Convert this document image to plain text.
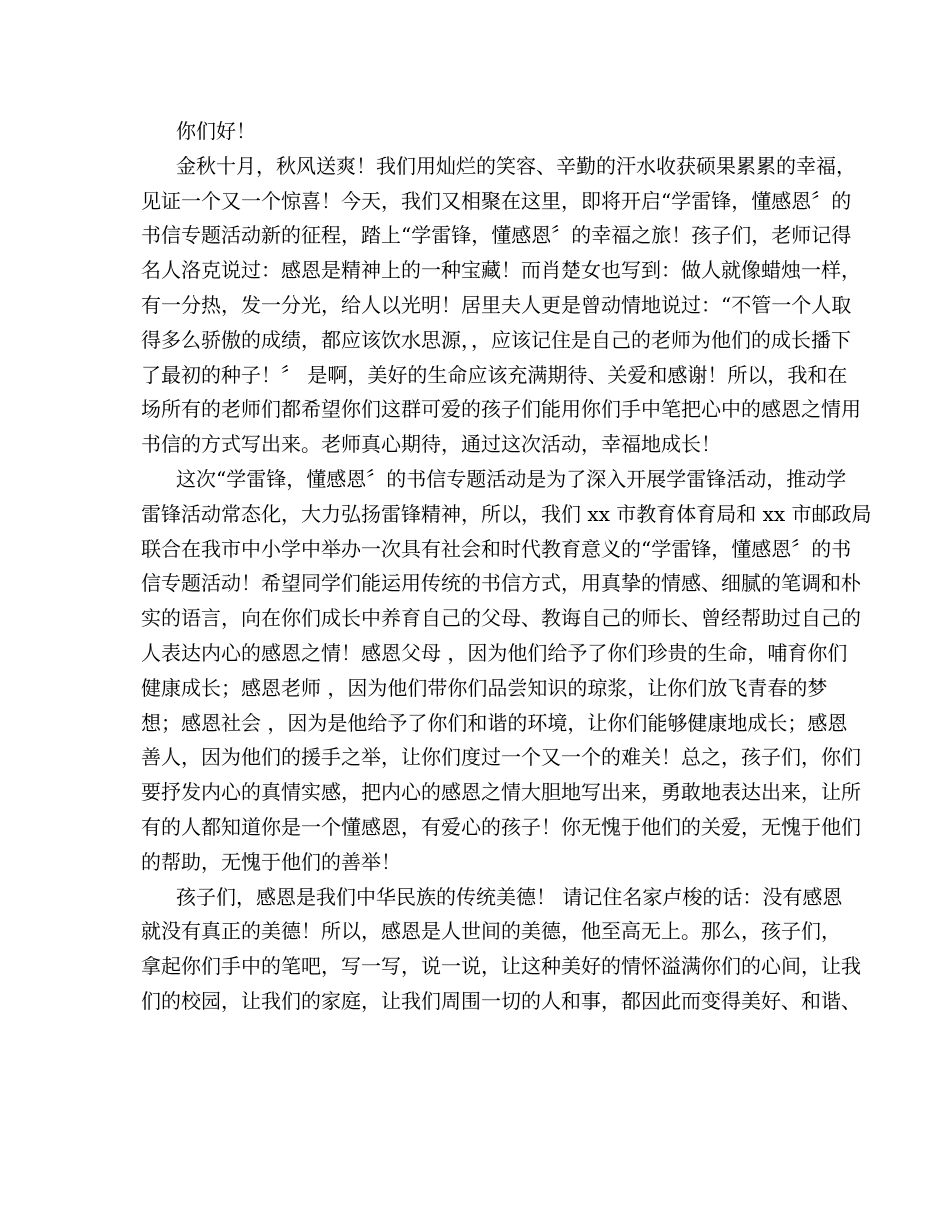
你们好！
金秋十月，秋风送爽！我们用灿烂的笑容、辛勤的汗水收获硕果累累的幸福，
见证一个又一个惊喜！今天，我们又相聚在这里，即将开启“学雷锋，懂感恩〞的
书信专题活动新的征程，踏上“学雷锋，懂感恩〞的幸福之旅！孩子们，老师记得
名人洛克说过：感恩是精神上的一种宝藏！而肖楚女也写到：做人就像蜡烛一样，
有一分热，发一分光，给人以光明！居里夫人更是曾动情地说过：“不管一个人取
得多么骄傲的成绩，都应该饮水思源，，应该记住是自己的老师为他们的成长播下
了最初的种子！〞 是啊，美好的生命应该充满期待、关爱和感谢！所以，我和在
场所有的老师们都希望你们这群可爱的孩子们能用你们手中笔把心中的感恩之情用
书信的方式写出来。老师真心期待，通过这次活动，幸福地成长！
这次“学雷锋，懂感恩〞的书信专题活动是为了深入开展学雷锋活动，推动学
雷锋活动常态化，大力弘扬雷锋精神，所以，我们 xx 市教育体育局和 xx 市邮政局
联合在我市中小学中举办一次具有社会和时代教育意义的“学雷锋，懂感恩〞的书
信专题活动！希望同学们能运用传统的书信方式，用真挚的情感、细腻的笔调和朴
实的语言，向在你们成长中养育自己的父母、教诲自己的师长、曾经帮助过自己的
人表达内心的感恩之情！感恩父母 ，因为他们给予了你们珍贵的生命，哺育你们
健康成长；感恩老师 ，因为他们带你们品尝知识的琼浆，让你们放飞青春的梦
想；感恩社会 ，因为是他给予了你们和谐的环境，让你们能够健康地成长；感恩
善人，因为他们的援手之举，让你们度过一个又一个的难关！总之，孩子们，你们
要抒发内心的真情实感，把内心的感恩之情大胆地写出来，勇敢地表达出来，让所
有的人都知道你是一个懂感恩，有爱心的孩子！你无愧于他们的关爱，无愧于他们
的帮助，无愧于他们的善举！
孩子们，感恩是我们中华民族的传统美德！ 请记住名家卢梭的话：没有感恩
就没有真正的美德！所以，感恩是人世间的美德，他至高无上。那么，孩子们，
拿起你们手中的笔吧，写一写，说一说，让这种美好的情怀溢满你们的心间，让我
们的校园，让我们的家庭，让我们周围一切的人和事，都因此而变得美好、和谐、
